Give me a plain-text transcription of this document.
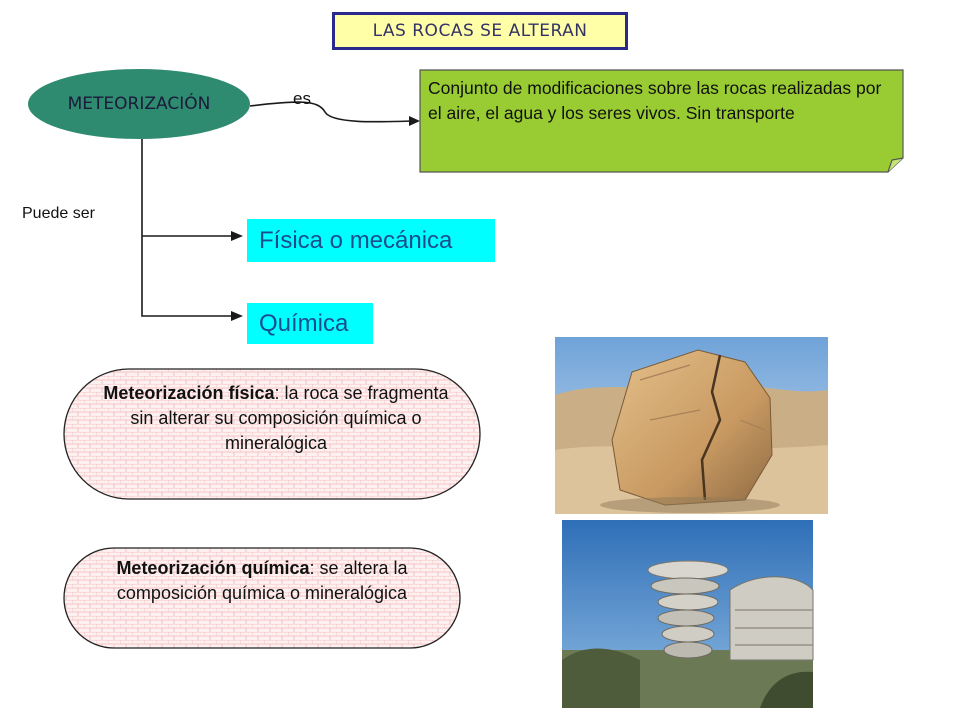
LAS ROCAS SE ALTERAN
METEORIZACIÓN	es
Conjunto de modificaciones sobre las rocas realizadas por el aire, el agua y los seres vivos. Sin transporte
Puede ser
Física o mecánica
Química
Meteorización física: la roca se fragmenta sin alterar su composición química o mineralógica
Meteorización química: se altera la composición química o mineralógica
